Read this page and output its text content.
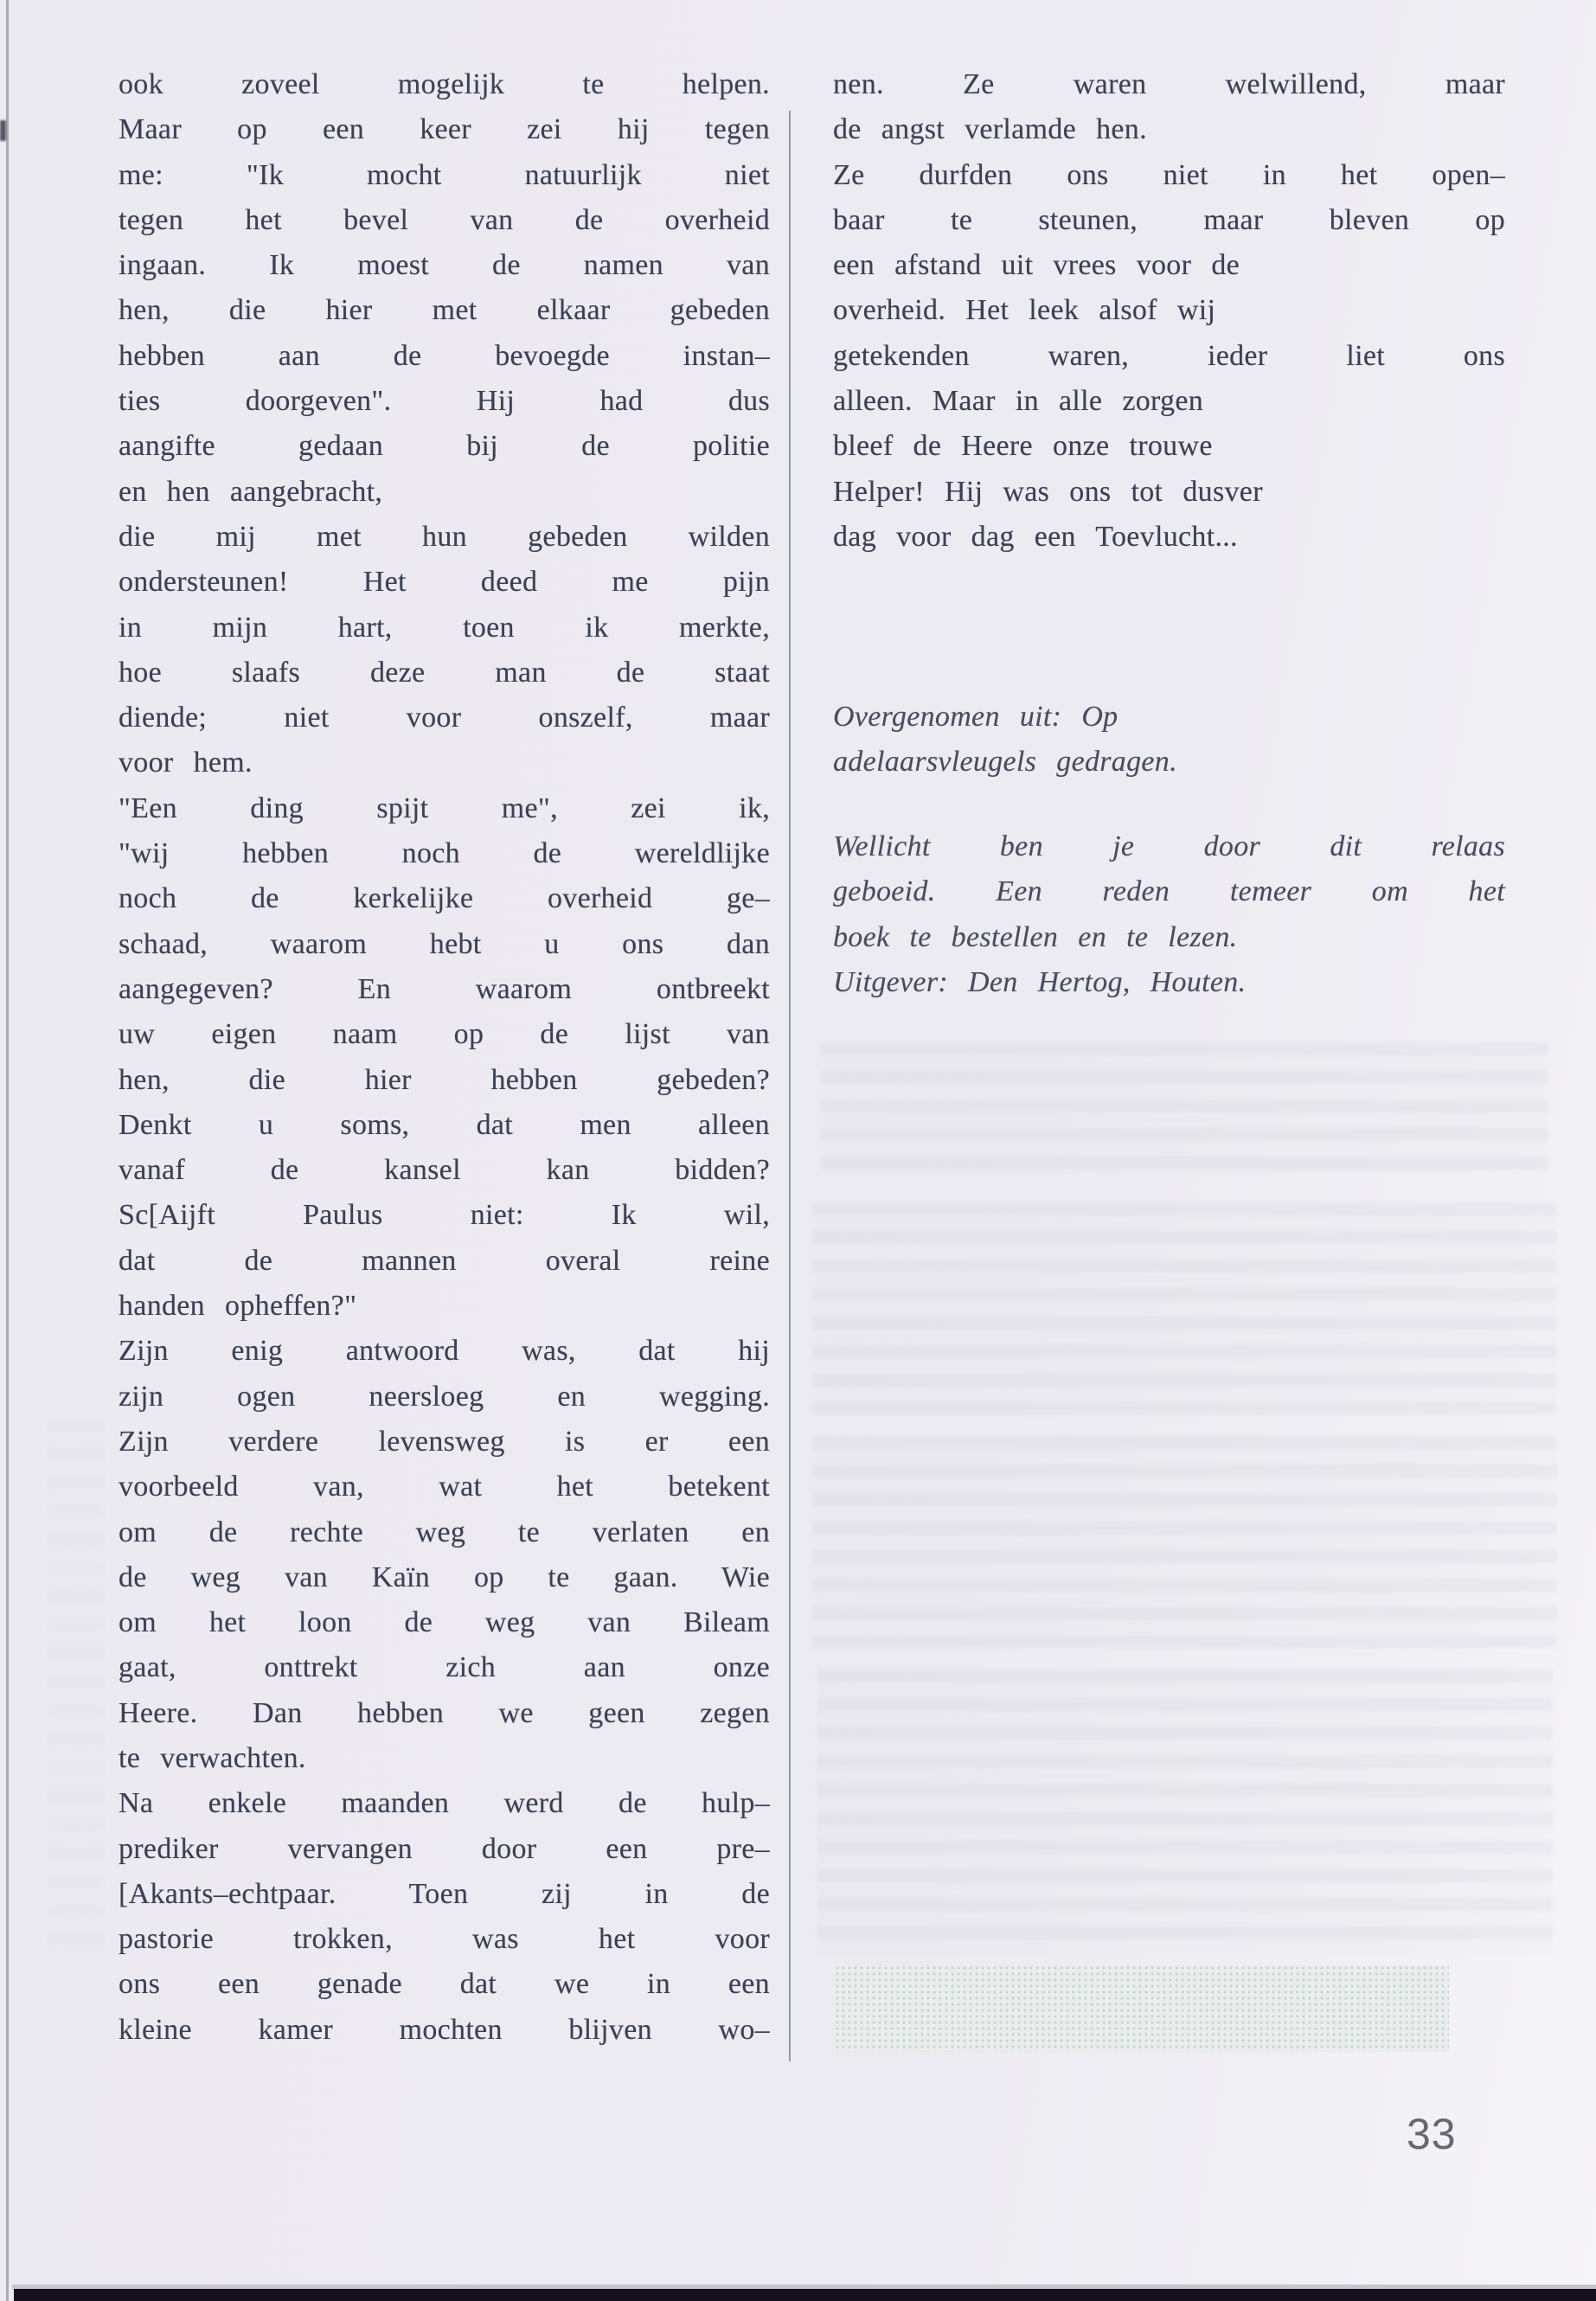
ook zoveel mogelijk te helpen.
Maar op een keer zei hij tegen
me: "Ik mocht natuurlijk niet
tegen het bevel van de overheid
ingaan. Ik moest de namen van
hen, die hier met elkaar gebeden
hebben aan de bevoegde instan–
ties doorgeven". Hij had dus
aangifte gedaan bij de politie
en hen aangebracht,
die mij met hun gebeden wilden
ondersteunen! Het deed me pijn
in mijn hart, toen ik merkte,
hoe slaafs deze man de staat
diende; niet voor onszelf, maar
voor hem.
"Een ding spijt me", zei ik,
"wij hebben noch de wereldlijke
noch de kerkelijke overheid ge–
schaad, waarom hebt u ons dan
aangegeven? En waarom ontbreekt
uw eigen naam op de lijst van
hen, die hier hebben gebeden?
Denkt u soms, dat men alleen
vanaf de kansel kan bidden?
Sc[Aijft Paulus niet: Ik wil,
dat de mannen overal reine
handen opheffen?"
Zijn enig antwoord was, dat hij
zijn ogen neersloeg en wegging.
Zijn verdere levensweg is er een
voorbeeld van, wat het betekent
om de rechte weg te verlaten en
de weg van Kaïn op te gaan. Wie
om het loon de weg van Bileam
gaat, onttrekt zich aan onze
Heere. Dan hebben we geen zegen
te verwachten.
Na enkele maanden werd de hulp–
prediker vervangen door een pre–
[Akants–echtpaar. Toen zij in de
pastorie trokken, was het voor
ons een genade dat we in een
kleine kamer mochten blijven wo–
nen. Ze waren welwillend, maar
de angst verlamde hen.
Ze durfden ons niet in het open–
baar te steunen, maar bleven op
een afstand uit vrees voor de
overheid. Het leek alsof wij
getekenden waren, ieder liet ons
alleen. Maar in alle zorgen
bleef de Heere onze trouwe
Helper! Hij was ons tot dusver
dag voor dag een Toevlucht...
Overgenomen uit: Op
adelaarsvleugels gedragen.
Wellicht ben je door dit relaas
geboeid. Een reden temeer om het
boek te bestellen en te lezen.
Uitgever: Den Hertog, Houten.
33
